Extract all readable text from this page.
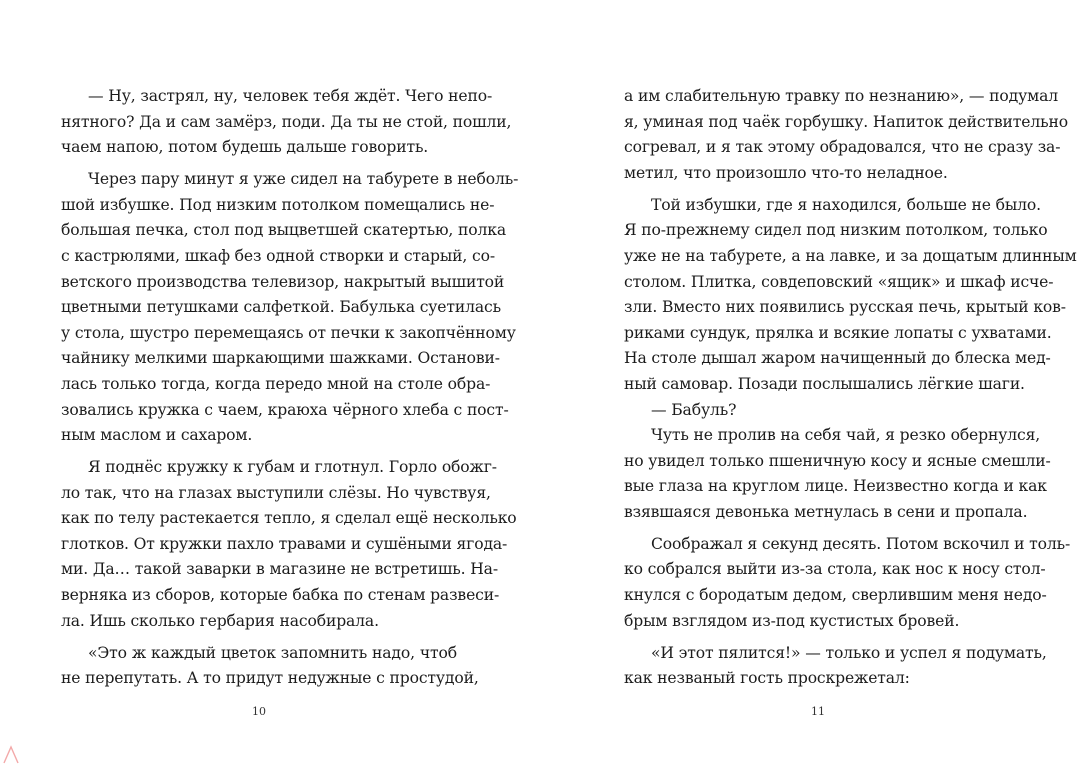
— Ну, застрял, ну, человек тебя ждёт. Чего непо-
нятного? Да и сам замёрз, поди. Да ты не стой, пошли,
чаем напою, потом будешь дальше говорить.
Через пару минут я уже сидел на табурете в неболь-
шой избушке. Под низким потолком помещались не-
большая печка, стол под выцветшей скатертью, полка
с кастрюлями, шкаф без одной створки и старый, со-
ветского производства телевизор, накрытый вышитой
цветными петушками салфеткой. Бабулька суетилась
у стола, шустро перемещаясь от печки к закопчённому
чайнику мелкими шаркающими шажками. Останови-
лась только тогда, когда передо мной на столе обра-
зовались кружка с чаем, краюха чёрного хлеба с пост-
ным маслом и сахаром.
Я поднёс кружку к губам и глотнул. Горло обожг-
ло так, что на глазах выступили слёзы. Но чувствуя,
как по телу растекается тепло, я сделал ещё несколько
глотков. От кружки пахло травами и сушёными ягода-
ми. Да… такой заварки в магазине не встретишь. На-
верняка из сборов, которые бабка по стенам развеси-
ла. Ишь сколько гербария насобирала.
«Это ж каждый цветок запомнить надо, чтоб
не перепутать. А то придут недужные с простудой,
10
а им слабительную травку по незнанию», — подумал
я, уминая под чаёк горбушку. Напиток действительно
согревал, и я так этому обрадовался, что не сразу за-
метил, что произошло что-то неладное.
Той избушки, где я находился, больше не было.
Я по-прежнему сидел под низким потолком, только
уже не на табурете, а на лавке, и за дощатым длинным
столом. Плитка, совдеповский «ящик» и шкаф исче-
зли. Вместо них появились русская печь, крытый ков-
риками сундук, прялка и всякие лопаты с ухватами.
На столе дышал жаром начищенный до блеска мед-
ный самовар. Позади послышались лёгкие шаги.
— Бабуль?
Чуть не пролив на себя чай, я резко обернулся,
но увидел только пшеничную косу и ясные смешли-
вые глаза на круглом лице. Неизвестно когда и как
взявшаяся девонька метнулась в сени и пропала.
Соображал я секунд десять. Потом вскочил и толь-
ко собрался выйти из-за стола, как нос к носу стол-
кнулся с бородатым дедом, сверлившим меня недо-
брым взглядом из-под кустистых бровей.
«И этот пялится!» — только и успел я подумать,
как незваный гость проскрежетал:
11
